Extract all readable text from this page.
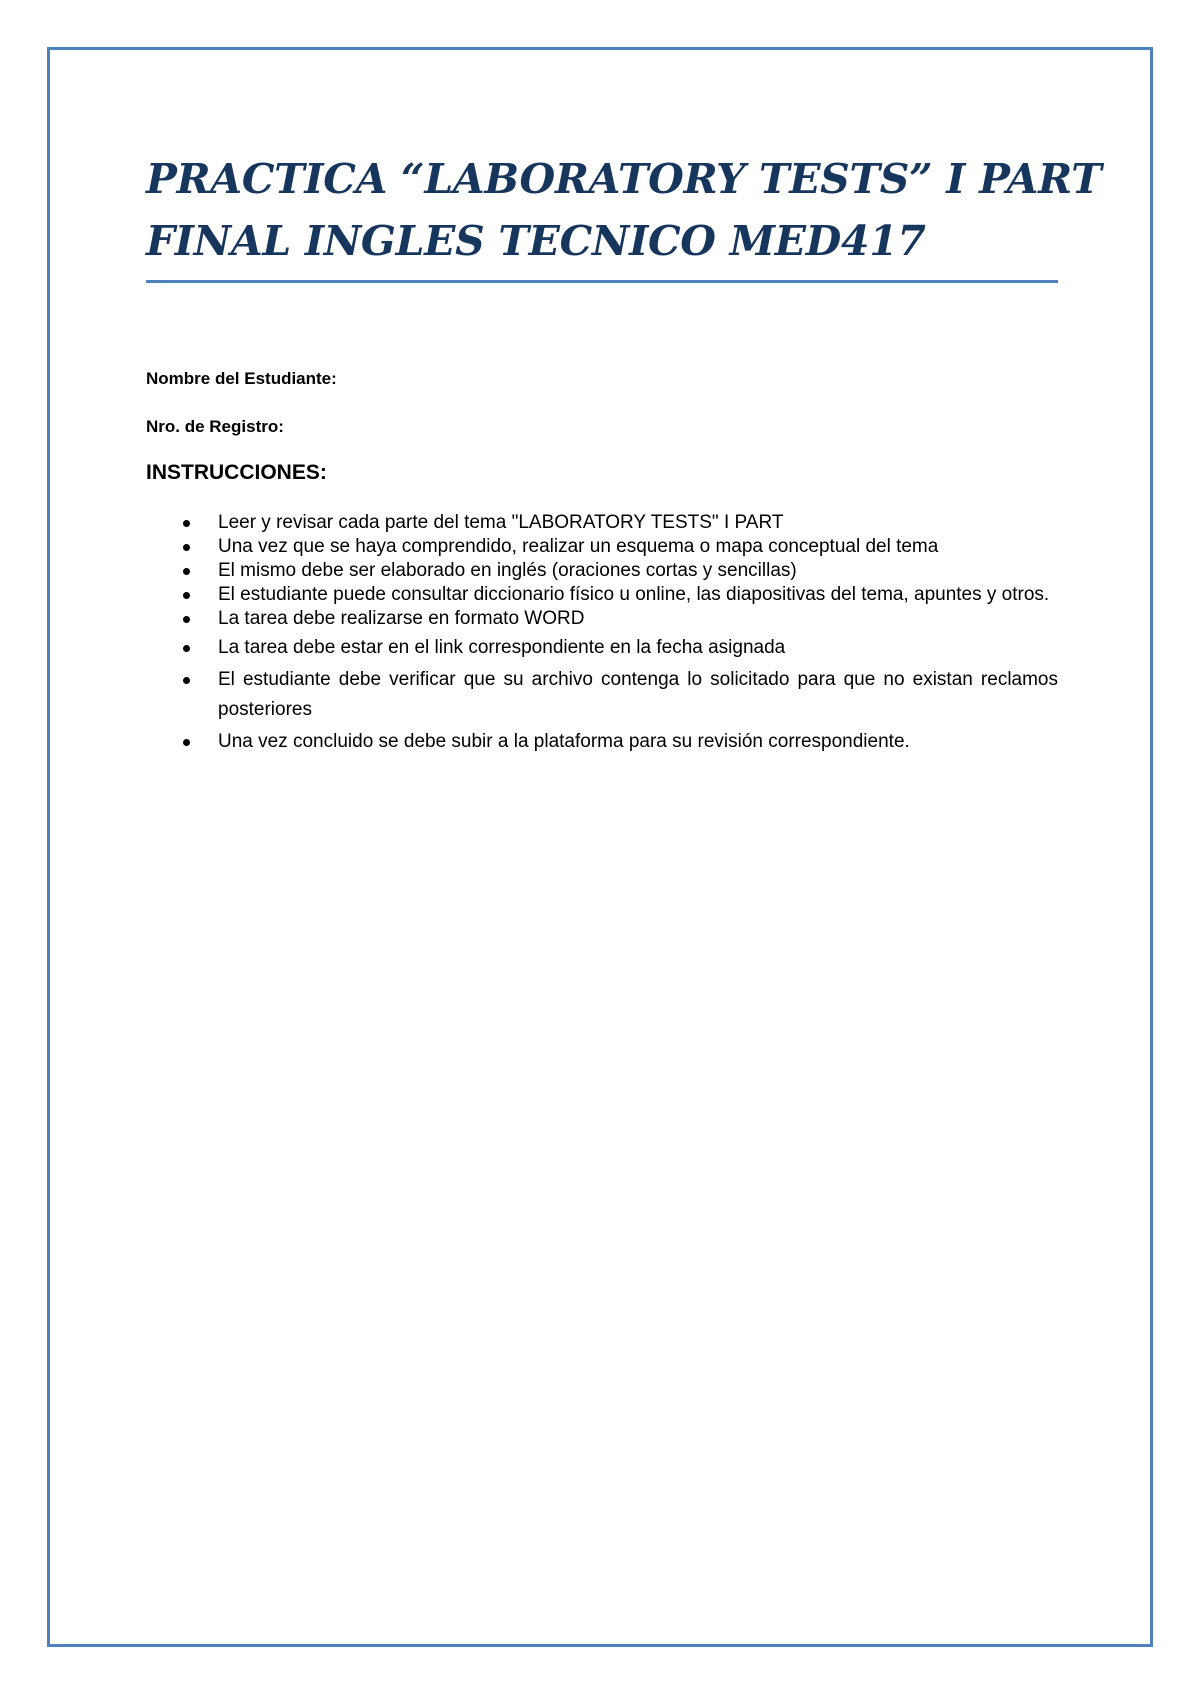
PRACTICA “LABORATORY TESTS” I PART
FINAL INGLES TECNICO MED417

Nombre del Estudiante:

Nro. de Registro:

INSTRUCCIONES:
Leer y revisar cada parte del tema "LABORATORY TESTS" I PART
Una vez que se haya comprendido, realizar un esquema o mapa conceptual del tema
El mismo debe ser elaborado en inglés (oraciones cortas y sencillas)
El estudiante puede consultar diccionario físico u online, las diapositivas del tema, apuntes y otros.
La tarea debe realizarse en formato WORD
La tarea debe estar en el link correspondiente en la fecha asignada
El estudiante debe verificar que su archivo contenga lo solicitado para que no existan reclamos posteriores
Una vez concluido se debe subir a la plataforma para su revisión correspondiente.
